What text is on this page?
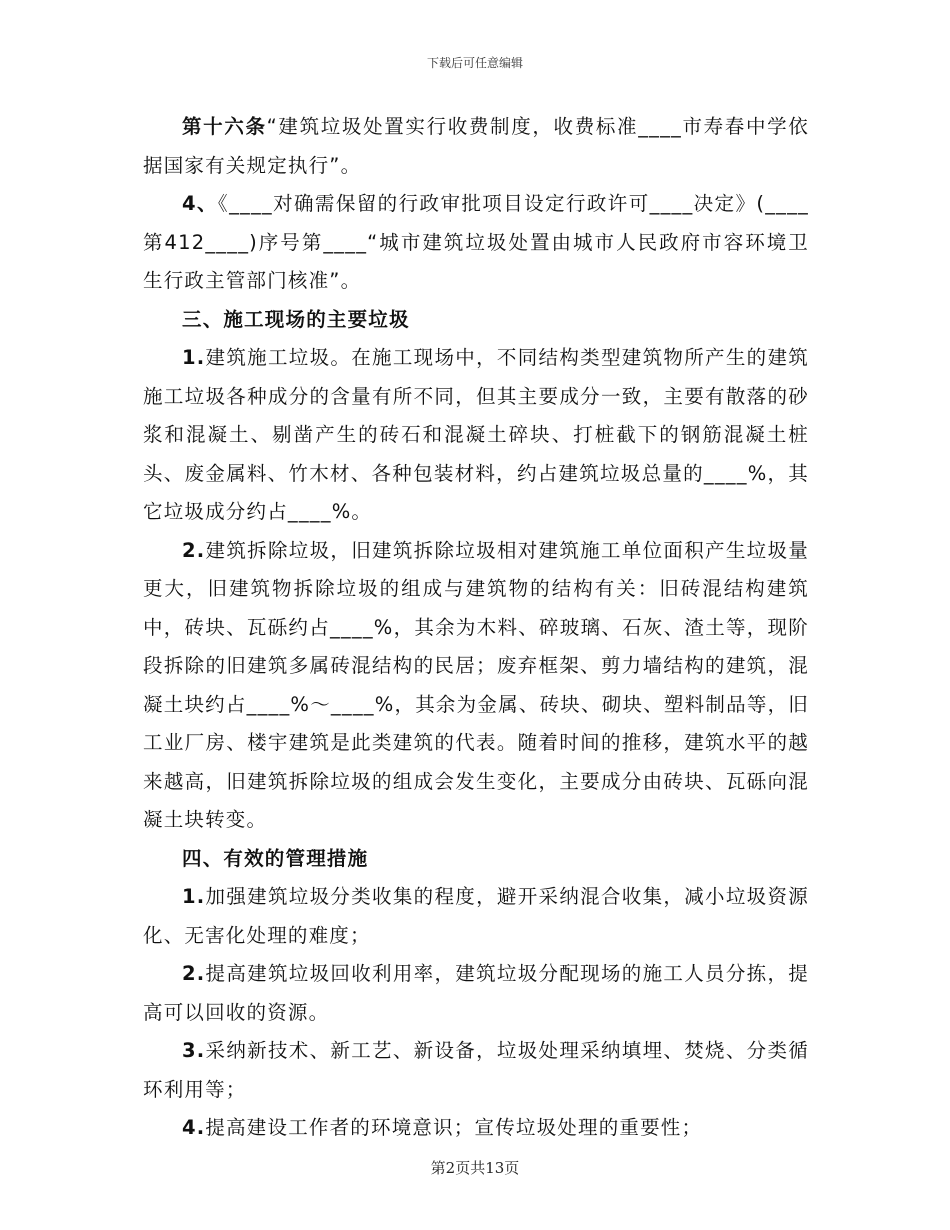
下载后可任意编辑

第十六条“建筑垃圾处置实行收费制度，收费标准____市寿春中学依据国家有关规定执行”。

4、《____对确需保留的行政审批项目设定行政许可____决定》(____第412____)序号第____“城市建筑垃圾处置由城市人民政府市容环境卫生行政主管部门核准”。

三、施工现场的主要垃圾

1.建筑施工垃圾。在施工现场中，不同结构类型建筑物所产生的建筑施工垃圾各种成分的含量有所不同，但其主要成分一致，主要有散落的砂浆和混凝土、剔凿产生的砖石和混凝土碎块、打桩截下的钢筋混凝土桩头、废金属料、竹木材、各种包装材料，约占建筑垃圾总量的____%，其它垃圾成分约占____%。

2.建筑拆除垃圾，旧建筑拆除垃圾相对建筑施工单位面积产生垃圾量更大，旧建筑物拆除垃圾的组成与建筑物的结构有关：旧砖混结构建筑中，砖块、瓦砾约占____%，其余为木料、碎玻璃、石灰、渣土等，现阶段拆除的旧建筑多属砖混结构的民居；废弃框架、剪力墙结构的建筑，混凝土块约占____%～____%，其余为金属、砖块、砌块、塑料制品等，旧工业厂房、楼宇建筑是此类建筑的代表。随着时间的推移，建筑水平的越来越高，旧建筑拆除垃圾的组成会发生变化，主要成分由砖块、瓦砾向混凝土块转变。

四、有效的管理措施

1.加强建筑垃圾分类收集的程度，避开采纳混合收集，减小垃圾资源化、无害化处理的难度；

2.提高建筑垃圾回收利用率，建筑垃圾分配现场的施工人员分拣，提高可以回收的资源。

3.采纳新技术、新工艺、新设备，垃圾处理采纳填埋、焚烧、分类循环利用等；

4.提高建设工作者的环境意识；宣传垃圾处理的重要性；

第2页共13页
